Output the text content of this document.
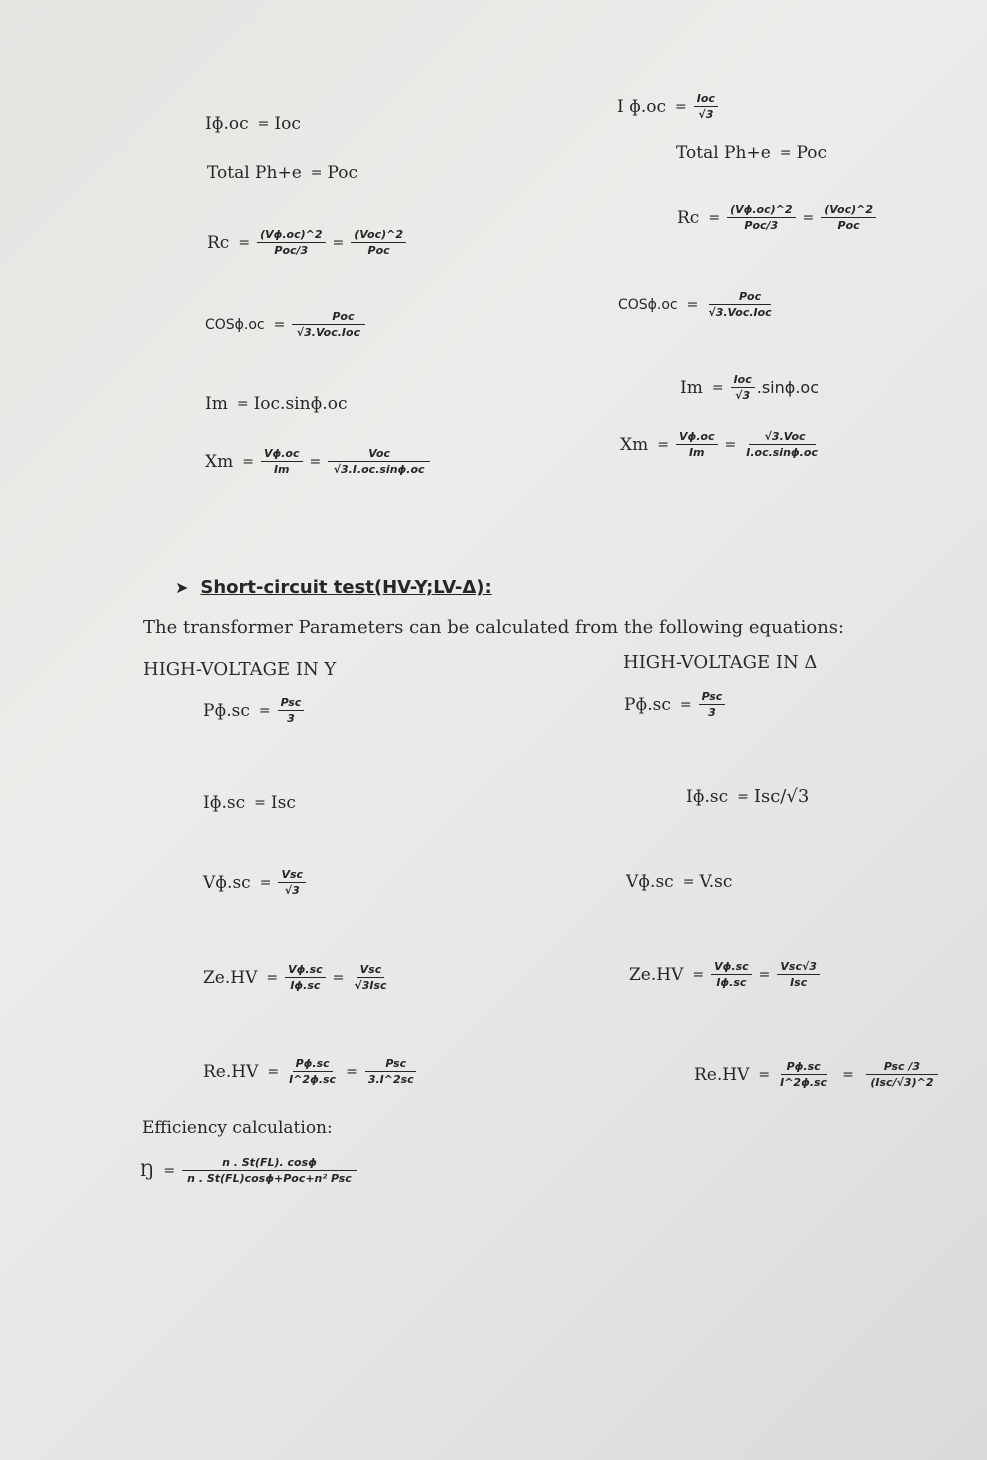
Iɸ.oc = Ioc
Total Ph+e = Poc
$Rc = \frac{\text{(Vɸ.oc)\textasciicircum{}2}}{\text{Poc/3}} = \frac{\text{(Voc)\textasciicircum{}2}}{\text{Poc}}$
COSɸ.oc = $\frac{\text{Poc}}{\text{√3.Voc.Ioc}}$
Im = Ioc.sinɸ.oc
$Xm = \frac{\text{Vɸ.oc}}{Im} = \frac{\text{Voc}}{\text{√3.I.oc.sinɸ.oc}}$
I ɸ.oc = $\frac{\text{Ioc}}{√3}$
Total Ph+e = Poc
$Rc = \frac{\text{(Vɸ.oc)\textasciicircum{}2}}{\text{Poc/3}} = \frac{\text{(Voc)\textasciicircum{}2}}{\text{Poc}}$
COSɸ.oc = $\frac{\text{Poc}}{\text{√3.Voc.Ioc}}$
$Im = \frac{\text{Ioc}}{√3}$ .sinɸ.oc
$Xm = \frac{\text{Vɸ.oc}}{Im} = \frac{\text{√3.Voc}}{\text{I.oc.sinɸ.oc}}$
➤ Short-circuit test(HV-Y;LV-Δ):
The transformer Parameters can be calculated from the following equations:
HIGH-VOLTAGE IN Y	HIGH-VOLTAGE IN Δ
Pɸ.sc = $\frac{\text{Psc}}{3}$
Iɸ.sc = Isc
Vɸ.sc = $\frac{\text{Vsc}}{√3}$
$Ze.HV = \frac{\text{Vɸ.sc}}{\text{Iɸ.sc}} = \frac{\text{Vsc}}{\text{√3Isc}}$
$Re.HV = \frac{\text{Pɸ.sc}}{\text{I\textasciicircum{}2ɸ.sc}} = \frac{\text{Psc}}{3.I\^{}2sc}$
Pɸ.sc = $\frac{\text{Psc}}{3}$
Iɸ.sc = Isc/√3
Vɸ.sc = V.sc
$Ze.HV = \frac{\text{Vɸ.sc}}{\text{Iɸ.sc}} = \frac{\text{Vsc√3}}{\text{Isc}}$
$Re.HV = \frac{\text{Pɸ.sc}}{\text{I\textasciicircum{}2ɸ.sc}} = \frac{\text{Psc /3}}{\text{(Isc/√3)\textasciicircum{}2}}$
Efficiency calculation:
Ŋ = $\frac{\text{n . St(FL). cosɸ}}{\text{n . St(FL)cosɸ+Poc+n² Psc}}$
